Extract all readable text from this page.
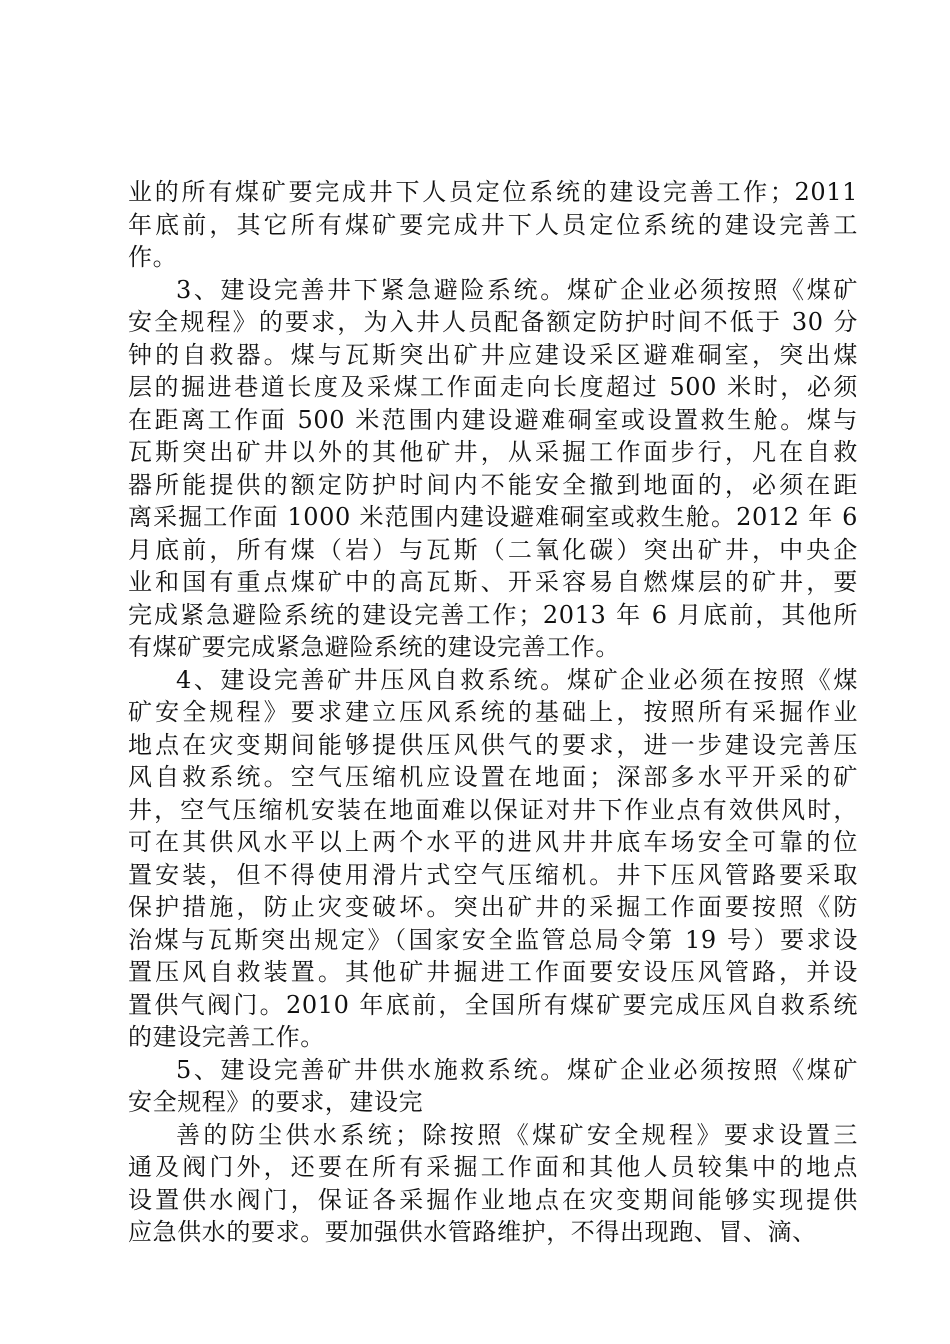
业的所有煤矿要完成井下人员定位系统的建设完善工作；2011
年底前，其它所有煤矿要完成井下人员定位系统的建设完善工
作。
3、建设完善井下紧急避险系统。煤矿企业必须按照《煤矿
安全规程》的要求，为入井人员配备额定防护时间不低于 30 分
钟的自救器。煤与瓦斯突出矿井应建设采区避难硐室，突出煤
层的掘进巷道长度及采煤工作面走向长度超过 500 米时，必须
在距离工作面 500 米范围内建设避难硐室或设置救生舱。煤与
瓦斯突出矿井以外的其他矿井，从采掘工作面步行，凡在自救
器所能提供的额定防护时间内不能安全撤到地面的，必须在距
离采掘工作面 1000 米范围内建设避难硐室或救生舱。2012 年 6
月底前，所有煤（岩）与瓦斯（二氧化碳）突出矿井，中央企
业和国有重点煤矿中的高瓦斯、开采容易自燃煤层的矿井，要
完成紧急避险系统的建设完善工作；2013 年 6 月底前，其他所
有煤矿要完成紧急避险系统的建设完善工作。
4、建设完善矿井压风自救系统。煤矿企业必须在按照《煤
矿安全规程》要求建立压风系统的基础上，按照所有采掘作业
地点在灾变期间能够提供压风供气的要求，进一步建设完善压
风自救系统。空气压缩机应设置在地面；深部多水平开采的矿
井，空气压缩机安装在地面难以保证对井下作业点有效供风时，
可在其供风水平以上两个水平的进风井井底车场安全可靠的位
置安装，但不得使用滑片式空气压缩机。井下压风管路要采取
保护措施，防止灾变破坏。突出矿井的采掘工作面要按照《防
治煤与瓦斯突出规定》（国家安全监管总局令第 19 号）要求设
置压风自救装置。其他矿井掘进工作面要安设压风管路，并设
置供气阀门。2010 年底前，全国所有煤矿要完成压风自救系统
的建设完善工作。
5、建设完善矿井供水施救系统。煤矿企业必须按照《煤矿
安全规程》的要求，建设完
善的防尘供水系统；除按照《煤矿安全规程》要求设置三
通及阀门外，还要在所有采掘工作面和其他人员较集中的地点
设置供水阀门，保证各采掘作业地点在灾变期间能够实现提供
应急供水的要求。要加强供水管路维护，不得出现跑、冒、滴、
